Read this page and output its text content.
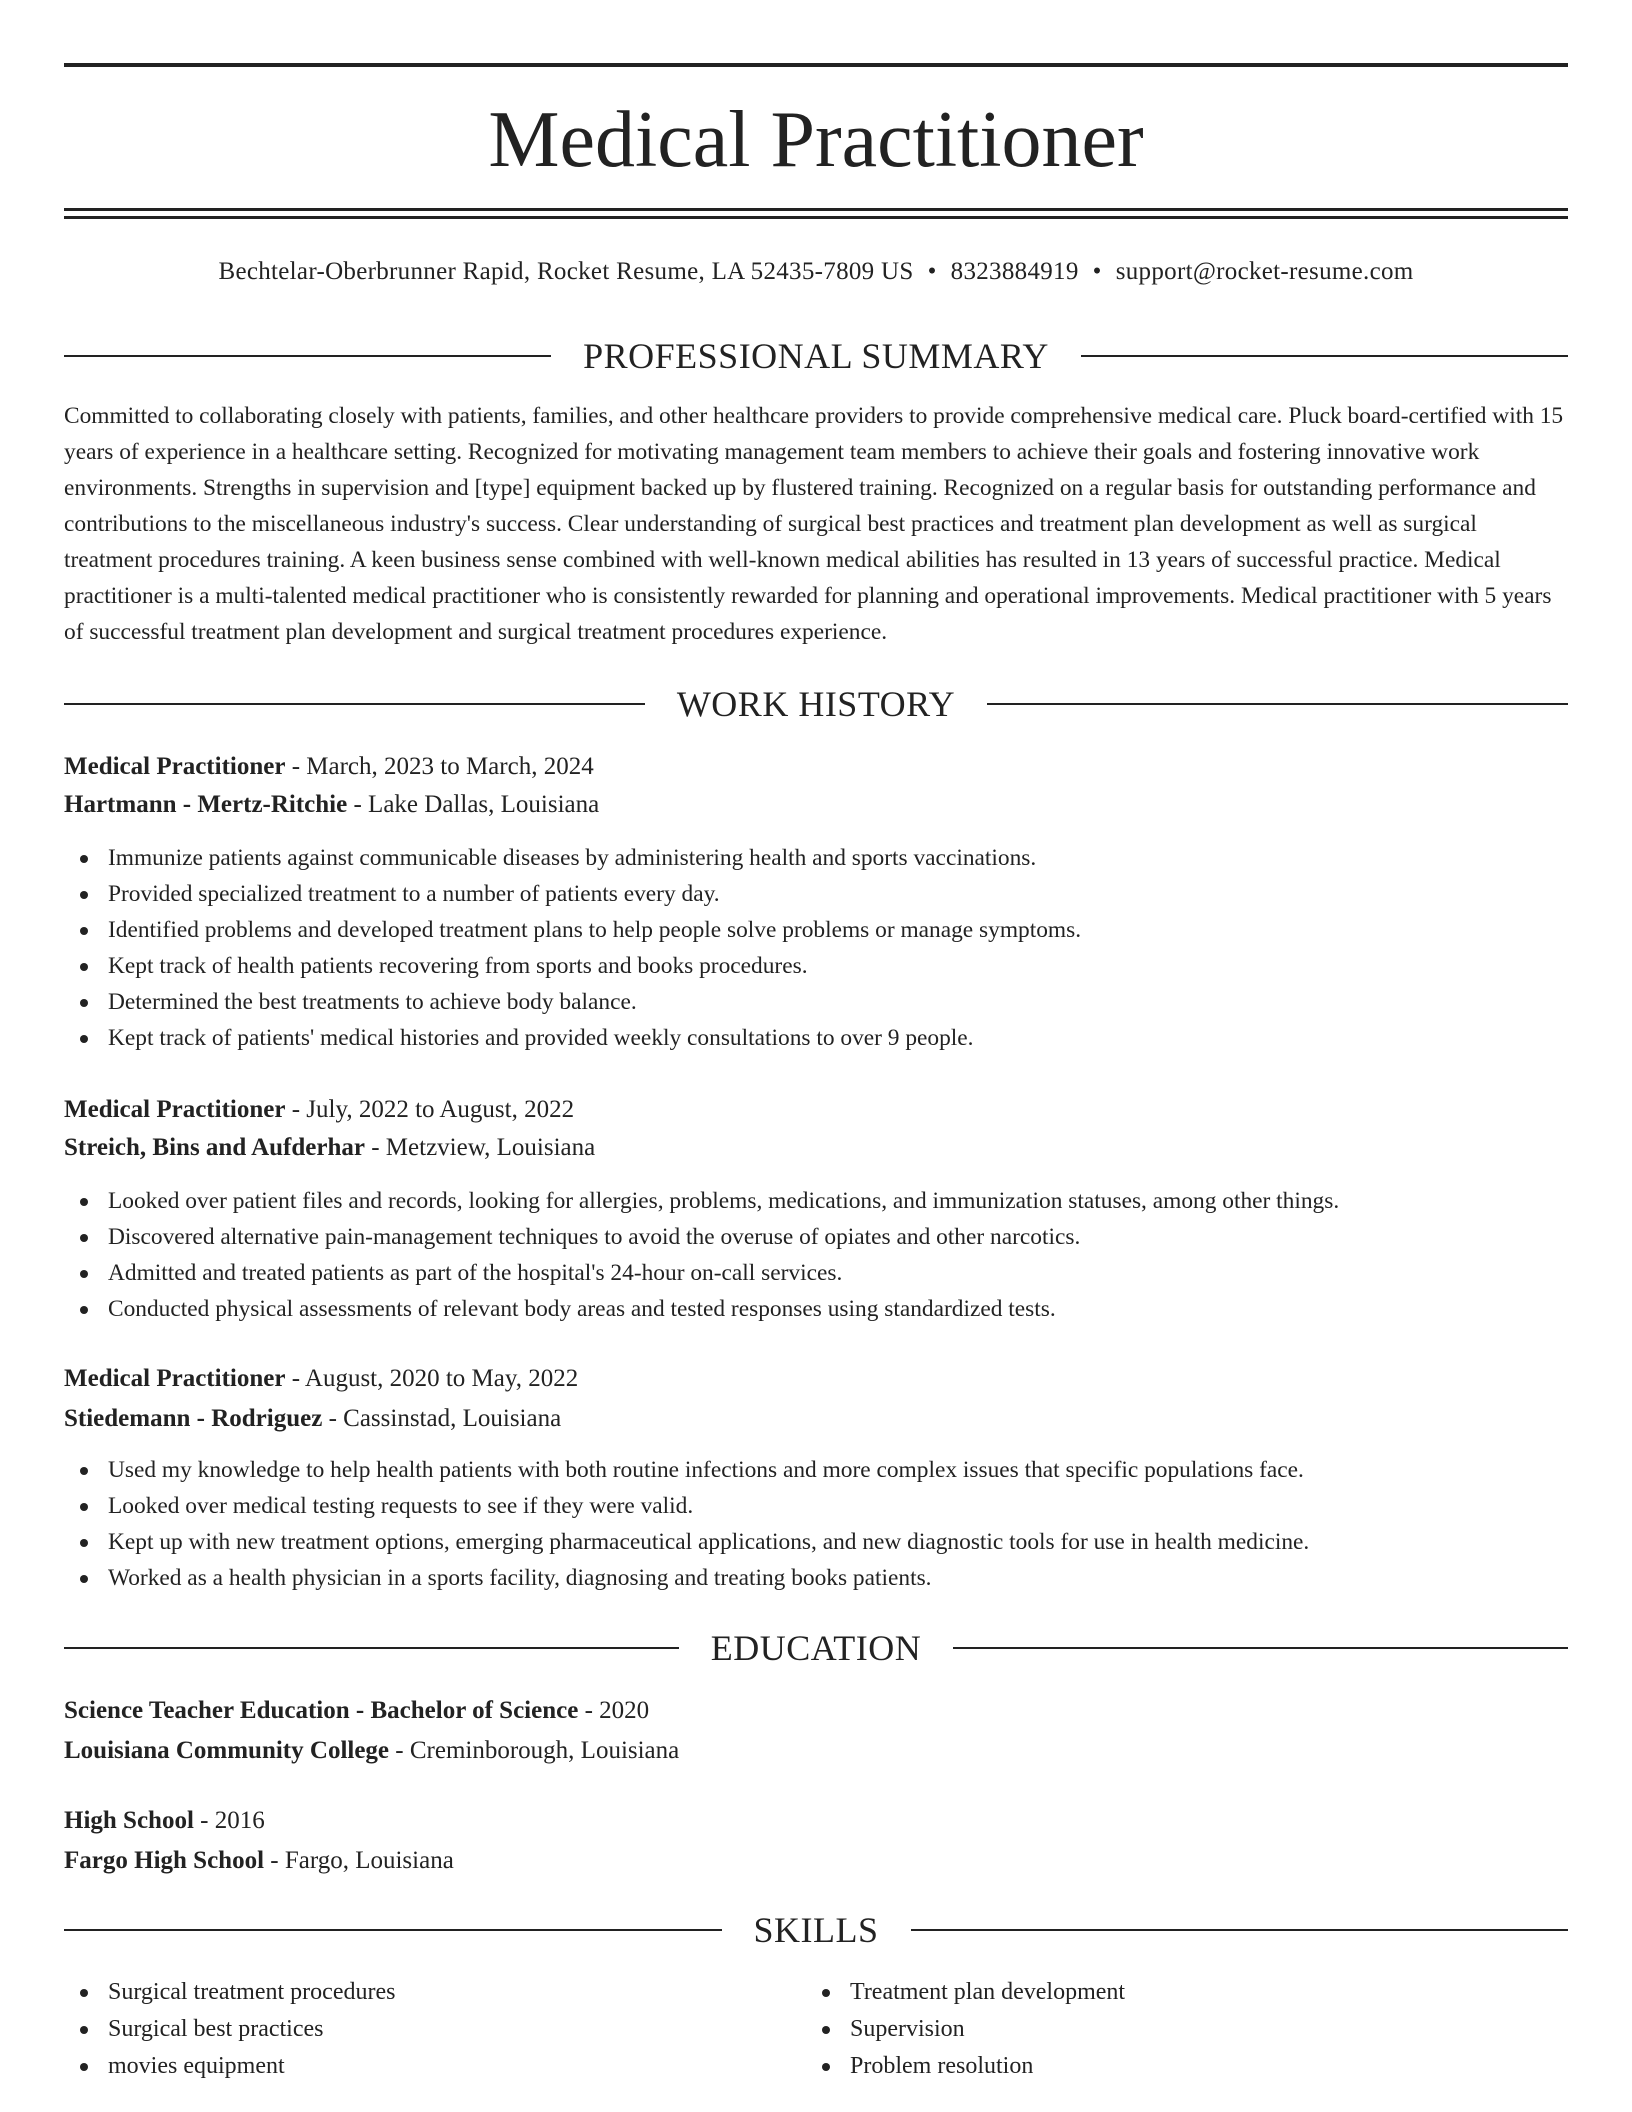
Medical Practitioner
Bechtelar-Oberbrunner Rapid, Rocket Resume, LA 52435-7809 US • 8323884919 • support@rocket-resume.com
PROFESSIONAL SUMMARY

Committed to collaborating closely with patients, families, and other healthcare providers to provide comprehensive medical care. Pluck board-certified with 15 years of experience in a healthcare setting. Recognized for motivating management team members to achieve their goals and fostering innovative work environments. Strengths in supervision and [type] equipment backed up by flustered training. Recognized on a regular basis for outstanding performance and contributions to the miscellaneous industry's success. Clear understanding of surgical best practices and treatment plan development as well as surgical treatment procedures training. A keen business sense combined with well-known medical abilities has resulted in 13 years of successful practice. Medical practitioner is a multi-talented medical practitioner who is consistently rewarded for planning and operational improvements. Medical practitioner with 5 years of successful treatment plan development and surgical treatment procedures experience.

WORK HISTORY
Medical Practitioner - March, 2023 to March, 2024
Hartmann - Mertz-Ritchie - Lake Dallas, Louisiana
Immunize patients against communicable diseases by administering health and sports vaccinations.
Provided specialized treatment to a number of patients every day.
Identified problems and developed treatment plans to help people solve problems or manage symptoms.
Kept track of health patients recovering from sports and books procedures.
Determined the best treatments to achieve body balance.
Kept track of patients' medical histories and provided weekly consultations to over 9 people.
Medical Practitioner - July, 2022 to August, 2022
Streich, Bins and Aufderhar - Metzview, Louisiana
Looked over patient files and records, looking for allergies, problems, medications, and immunization statuses, among other things.
Discovered alternative pain-management techniques to avoid the overuse of opiates and other narcotics.
Admitted and treated patients as part of the hospital's 24-hour on-call services.
Conducted physical assessments of relevant body areas and tested responses using standardized tests.
Medical Practitioner - August, 2020 to May, 2022
Stiedemann - Rodriguez - Cassinstad, Louisiana
Used my knowledge to help health patients with both routine infections and more complex issues that specific populations face.
Looked over medical testing requests to see if they were valid.
Kept up with new treatment options, emerging pharmaceutical applications, and new diagnostic tools for use in health medicine.
Worked as a health physician in a sports facility, diagnosing and treating books patients.
EDUCATION
Science Teacher Education - Bachelor of Science - 2020
Louisiana Community College - Creminborough, Louisiana
High School - 2016
Fargo High School - Fargo, Louisiana
SKILLS
Surgical treatment procedures
Surgical best practices
movies equipment
Treatment plan development
Supervision
Problem resolution
